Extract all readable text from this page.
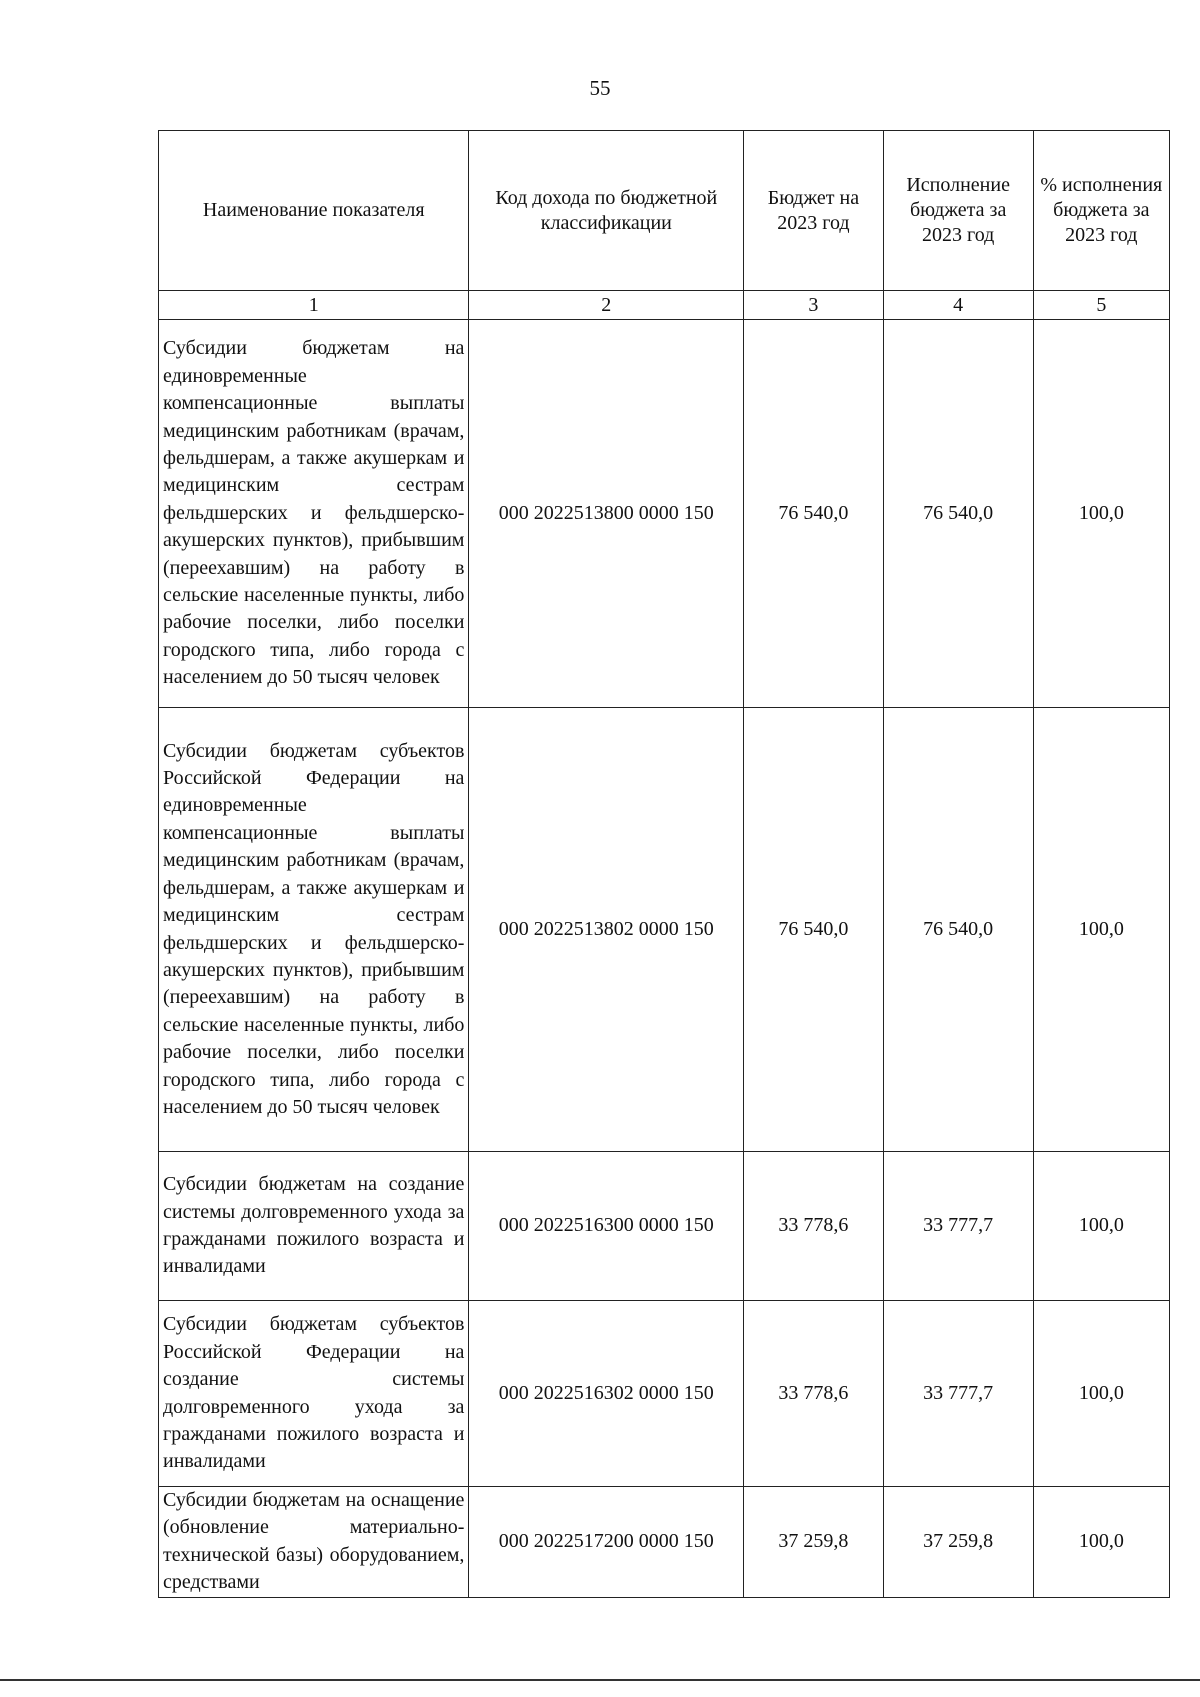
55
Наименование показателя	Код дохода по бюджетной классификации	Бюджет на 2023 год	Исполнение бюджета за 2023 год	% исполнения бюджета за 2023 год
1	2	3	4	5
Субсидии бюджетам на единовременные компенсационные выплаты медицинским работникам (врачам, фельдшерам, а также акушеркам и медицинским сестрам фельдшерских и фельдшерско-акушерских пунктов), прибывшим (переехавшим) на работу в сельские населенные пункты, либо рабочие поселки, либо поселки городского типа, либо города с населением до 50 тысяч человек	000 2022513800 0000 150	76 540,0	76 540,0	100,0
Субсидии бюджетам субъектов Российской Федерации на единовременные компенсационные выплаты медицинским работникам (врачам, фельдшерам, а также акушеркам и медицинским сестрам фельдшерских и фельдшерско-акушерских пунктов), прибывшим (переехавшим) на работу в сельские населенные пункты, либо рабочие поселки, либо поселки городского типа, либо города с населением до 50 тысяч человек	000 2022513802 0000 150	76 540,0	76 540,0	100,0
Субсидии бюджетам на создание системы долговременного ухода за гражданами пожилого возраста и инвалидами	000 2022516300 0000 150	33 778,6	33 777,7	100,0
Субсидии бюджетам субъектов Российской Федерации на создание системы долговременного ухода за гражданами пожилого возраста и инвалидами	000 2022516302 0000 150	33 778,6	33 777,7	100,0
Субсидии бюджетам на оснащение (обновление материально-технической базы) оборудованием, средствами	000 2022517200 0000 150	37 259,8	37 259,8	100,0
